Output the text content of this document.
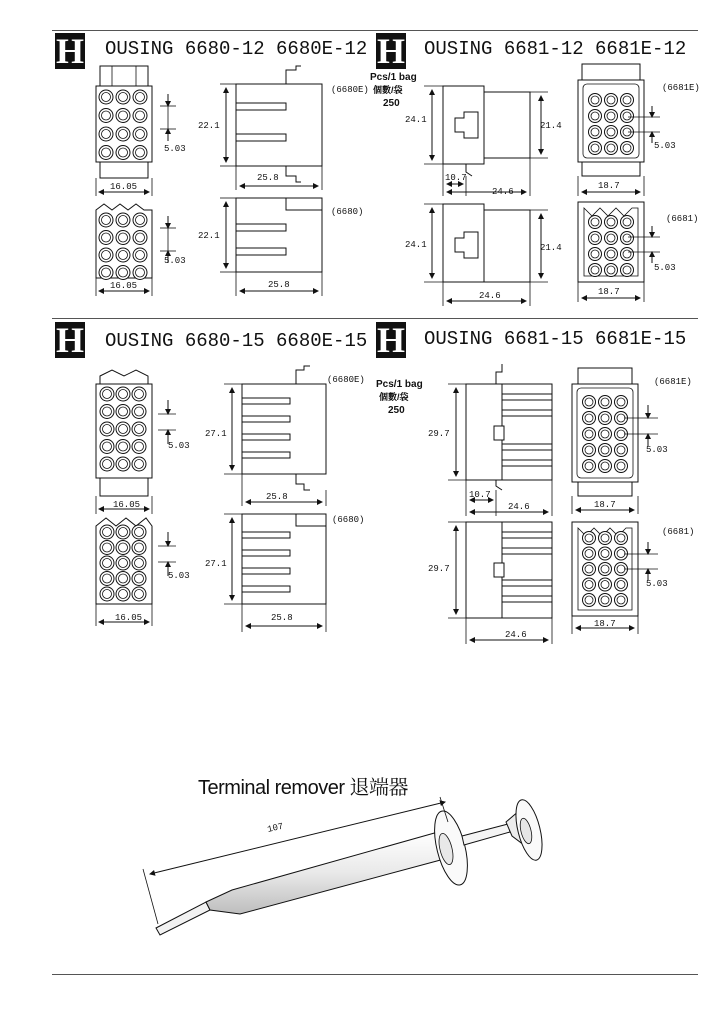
H OUSING 6680-12 6680E-12 H OUSING 6681-12 6681E-12
H OUSING 6680-15 6680E-15 H OUSING 6681-15 6681E-15
16.05
5.03
16.05
5.03
22.1
25.8
(6680E)
22.1
25.8
(6680)
Pcs/1 bag
個數/袋
250
24.1
21.4
10.7
24.6
24.1	21.4
24.6
18.7
5.03
(6681E)
18.7
5.03
(6681)
16.05
5.03
16.05
5.03
27.1
25.8
(6680E)
27.1
25.8
(6680)
Pcs/1 bag
個數/袋
250
29.7
10.7
24.6
29.7
24.6
18.7
5.03
(6681E)
18.7
5.03
(6681)
Terminal remover 退端器
107
